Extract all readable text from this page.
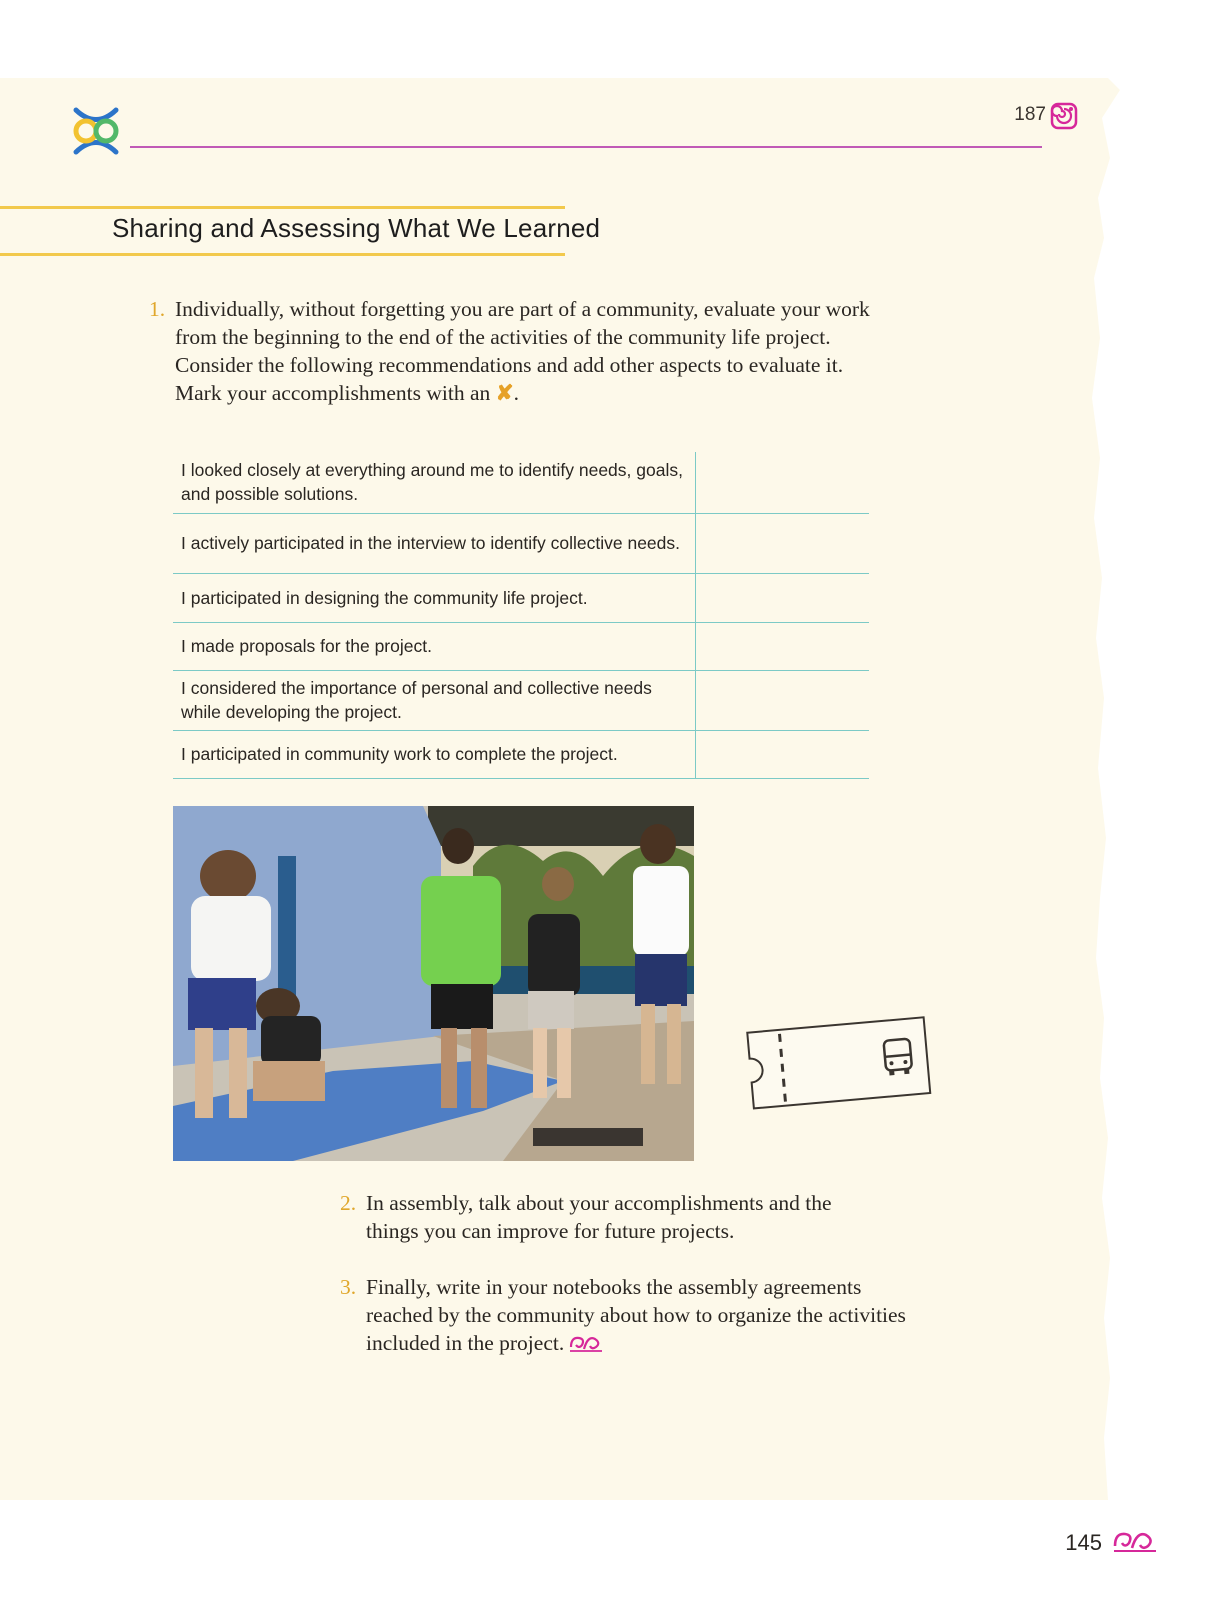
187
Sharing and Assessing What We Learned
1. Individually, without forgetting you are part of a community, evaluate your work from the beginning to the end of the activities of the community life project. Consider the following recommendations and add other aspects to evaluate it. Mark your accomplishments with an ✘.
I looked closely at everything around me to identify needs, goals, and possible solutions.	
I actively participated in the interview to identify collective needs.	
I participated in designing the community life project.	
I made proposals for the project.	
I considered the importance of personal and collective needs while developing the project.	
I participated in community work to complete the project.	
2. In assembly, talk about your accomplishments and the things you can improve for future projects.
3. Finally, write in your notebooks the assembly agreements reached by the community about how to organize the activities included in the project.
145
